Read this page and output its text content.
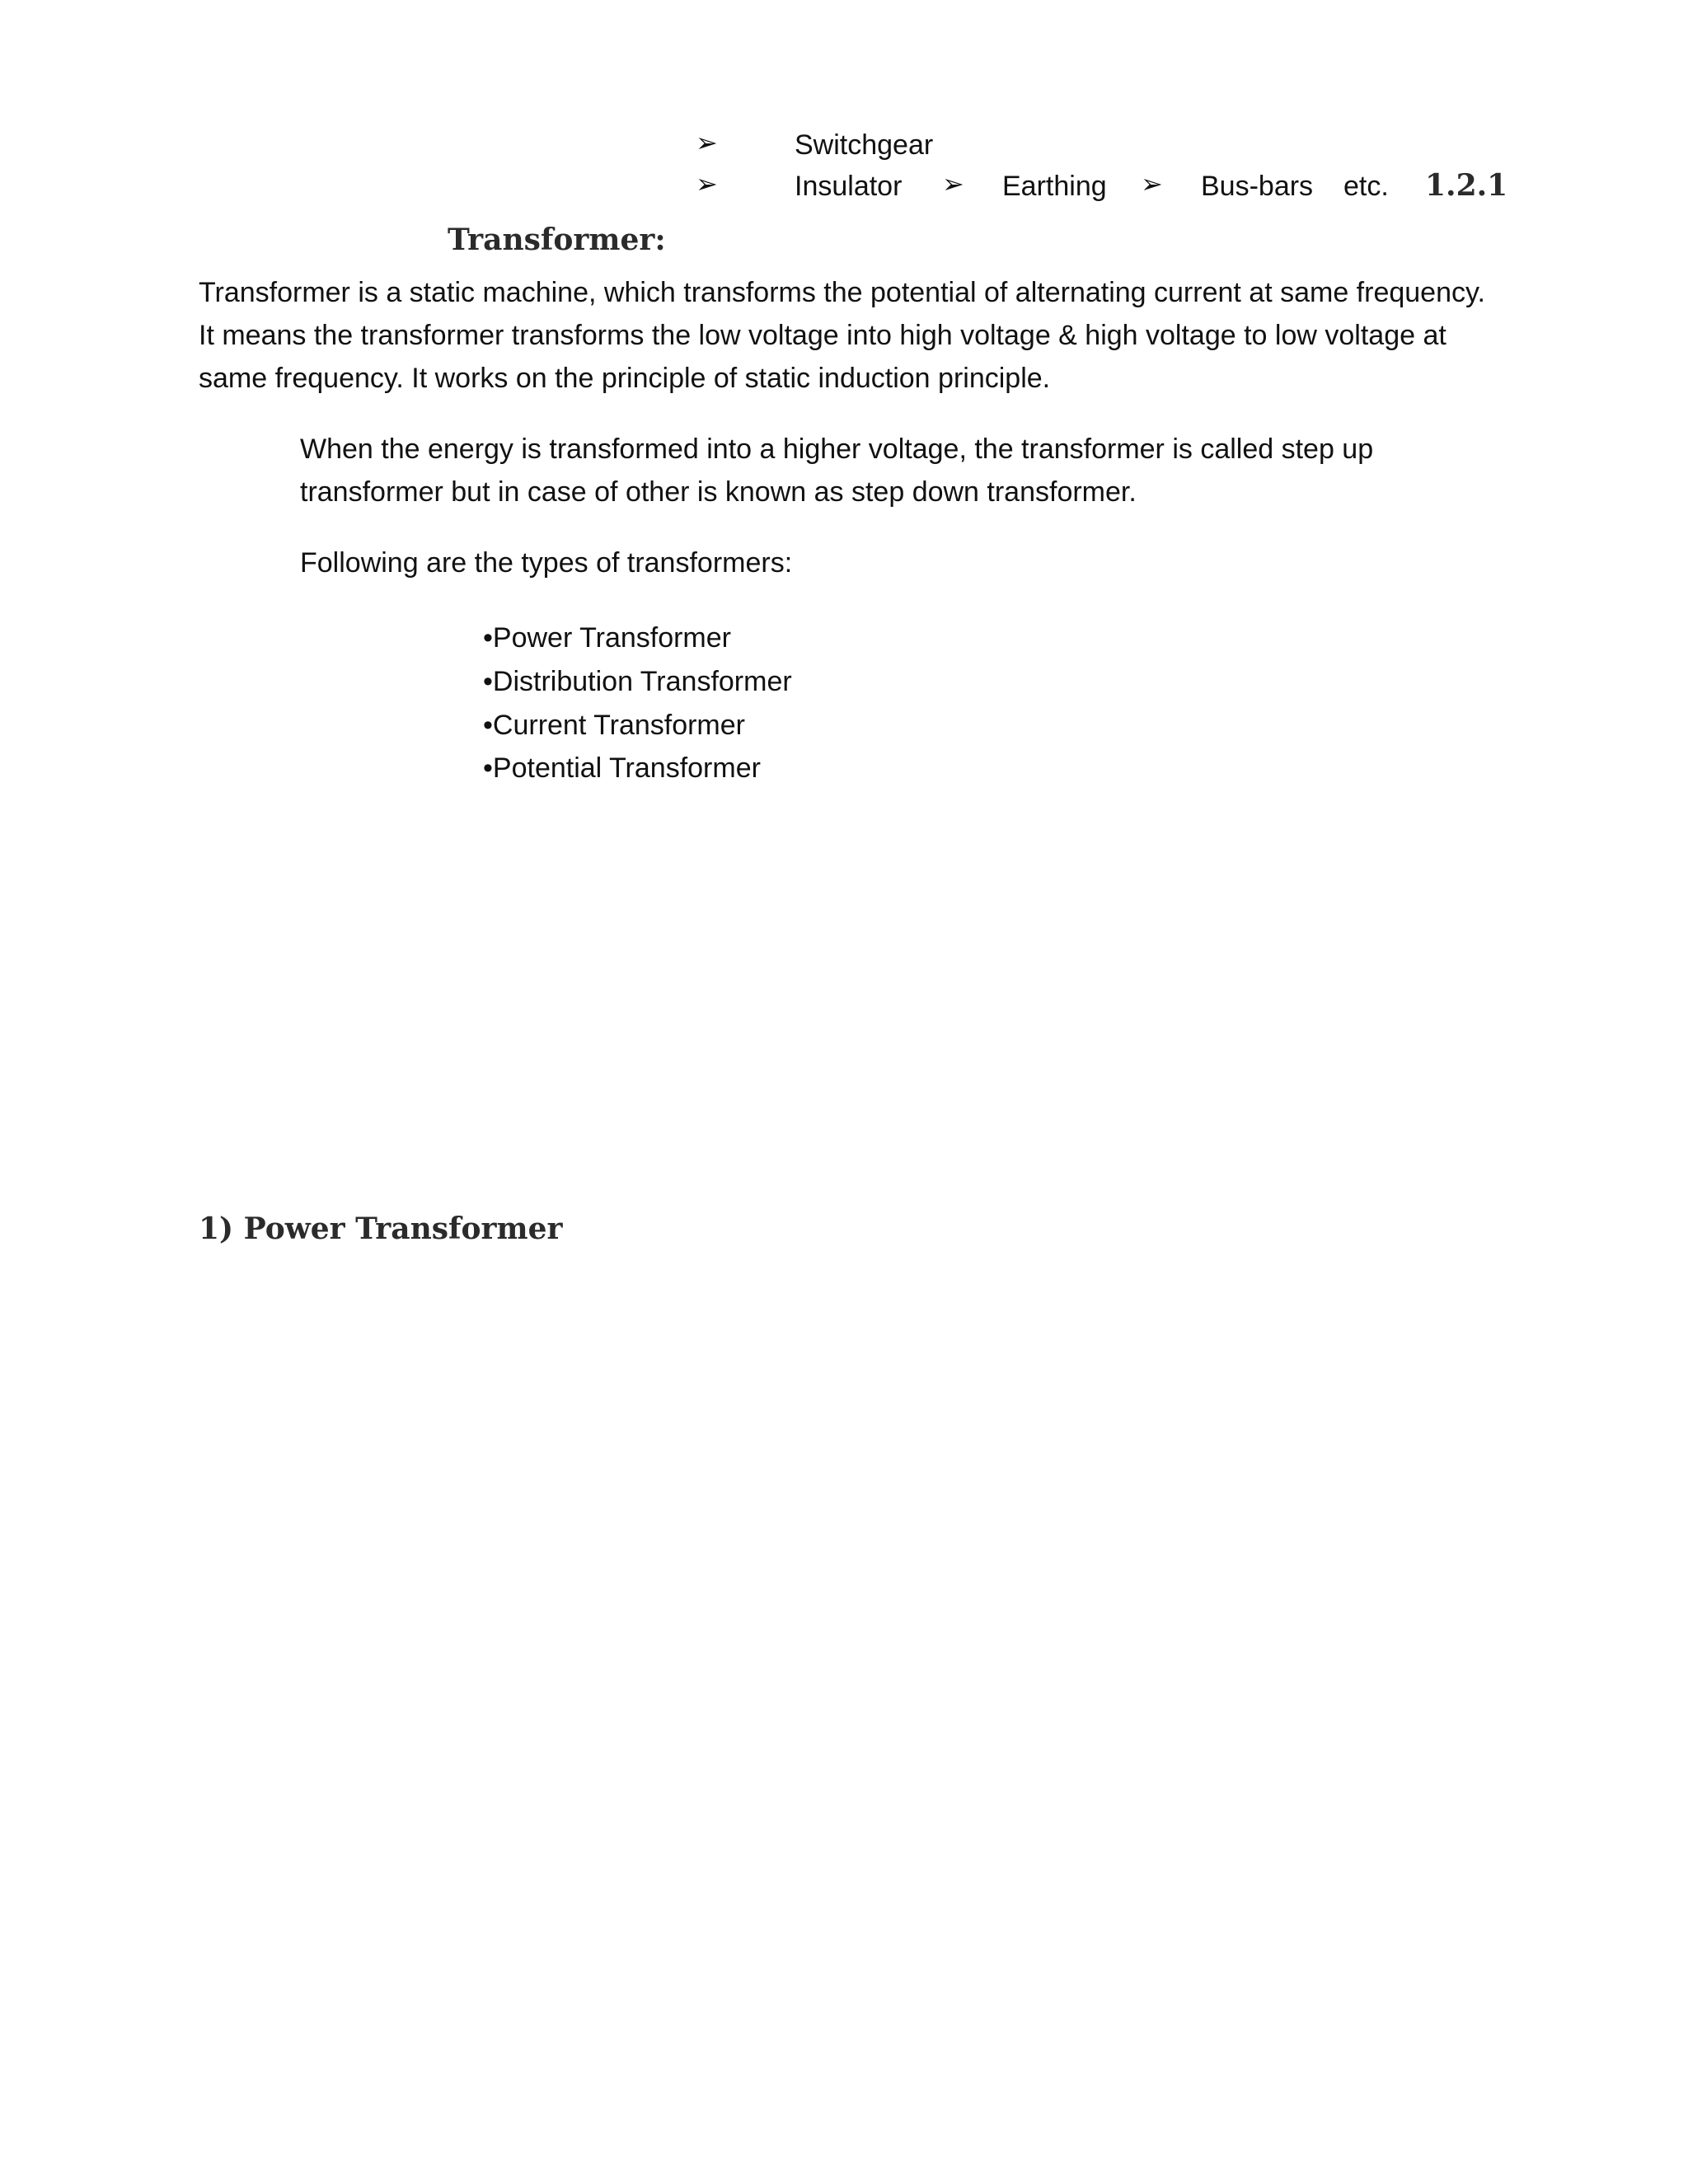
➢	Switchgear
➢	Insulator ➢ Earthing ➢ Bus-bars etc. 1.2.1
Transformer:
Transformer is a static machine, which transforms the potential of alternating current at same frequency. It means the transformer transforms the low voltage into high voltage & high voltage to low voltage at same frequency. It works on the principle of static induction principle.
When the energy is transformed into a higher voltage, the transformer is called step up transformer but in case of other is known as step down transformer.
Following are the types of transformers:
•Power Transformer
•Distribution Transformer
•Current Transformer
•Potential Transformer
1) Power Transformer
